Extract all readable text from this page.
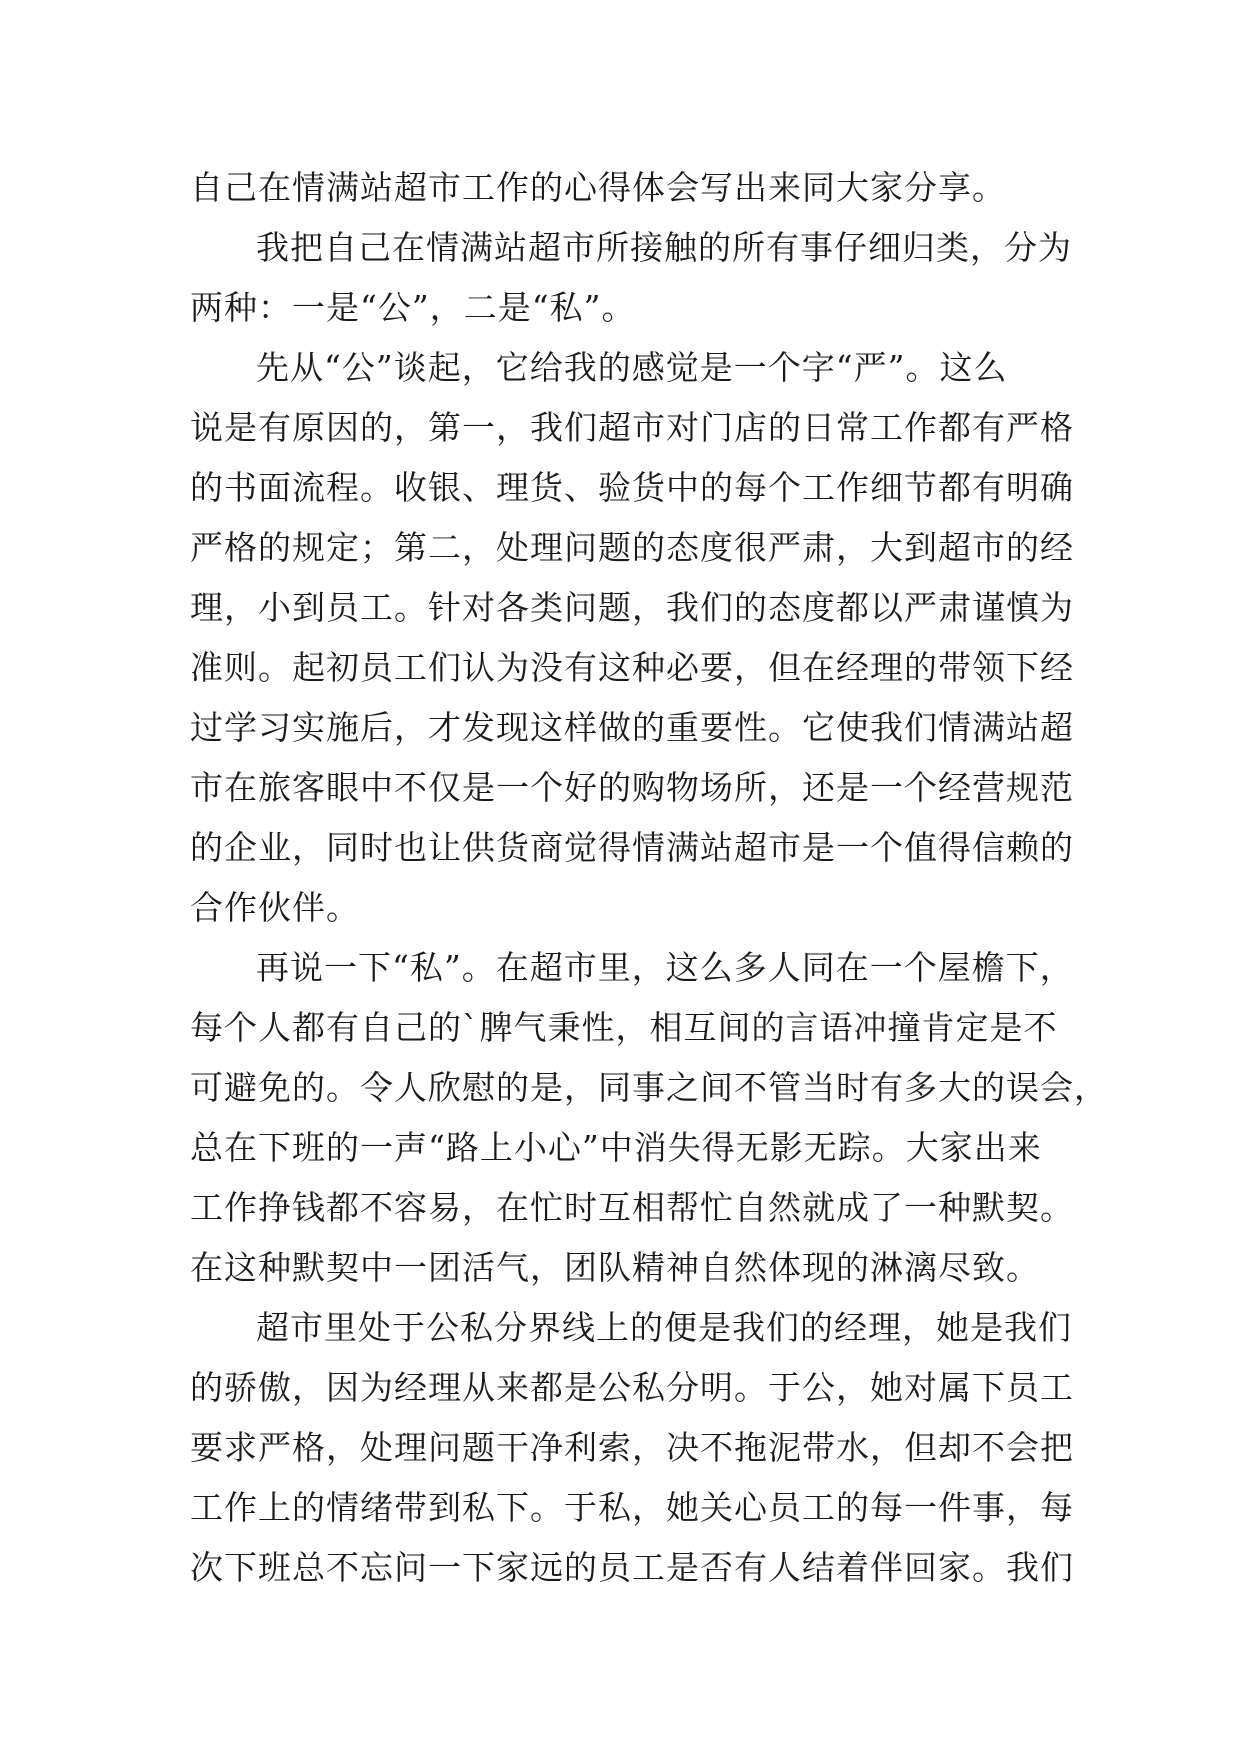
自己在情满站超市工作的心得体会写出来同大家分享。
我把自己在情满站超市所接触的所有事仔细归类，分为
两种：一是“公”，二是“私”。
先从“公”谈起，它给我的感觉是一个字“严”。这么
说是有原因的，第一，我们超市对门店的日常工作都有严格
的书面流程。收银、理货、验货中的每个工作细节都有明确
严格的规定；第二，处理问题的态度很严肃，大到超市的经
理，小到员工。针对各类问题，我们的态度都以严肃谨慎为
准则。起初员工们认为没有这种必要，但在经理的带领下经
过学习实施后，才发现这样做的重要性。它使我们情满站超
市在旅客眼中不仅是一个好的购物场所，还是一个经营规范
的企业，同时也让供货商觉得情满站超市是一个值得信赖的
合作伙伴。
再说一下“私”。在超市里，这么多人同在一个屋檐下，
每个人都有自己的`脾气秉性，相互间的言语冲撞肯定是不
可避免的。令人欣慰的是，同事之间不管当时有多大的误会，
总在下班的一声“路上小心”中消失得无影无踪。大家出来
工作挣钱都不容易，在忙时互相帮忙自然就成了一种默契。
在这种默契中一团活气，团队精神自然体现的淋漓尽致。
超市里处于公私分界线上的便是我们的经理，她是我们
的骄傲，因为经理从来都是公私分明。于公，她对属下员工
要求严格，处理问题干净利索，决不拖泥带水，但却不会把
工作上的情绪带到私下。于私，她关心员工的每一件事，每
次下班总不忘问一下家远的员工是否有人结着伴回家。我们
